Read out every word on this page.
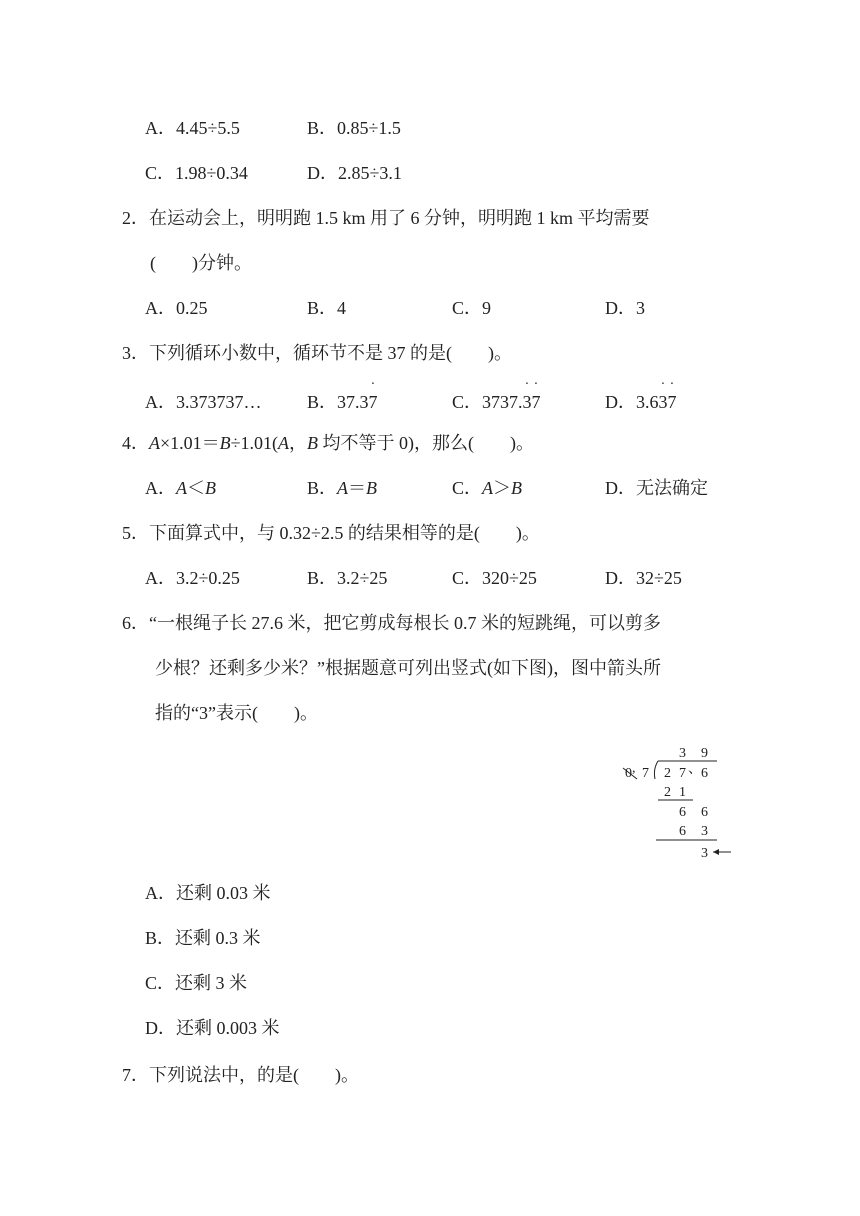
A．4.45÷5.5	B．0.85÷1.5
C．1.98÷0.34	D．2.85÷3.1
2．在运动会上，明明跑 1.5 km 用了 6 分钟，明明跑 1 km 平均需要
(　　)分钟。
A．0.25	B．4	C．9	D．3
3．下列循环小数中，循环节不是 37 的是(　　)。
A．3.373737…	B．37.3· 7	C．3737.· 3· 7	D．3.6· 3· 7
4．A×1.01＝B÷1.01(A，B 均不等于 0)，那么(　　)。
A．A＜B	B．A＝B	C．A＞B	D．无法确定
5．下面算式中，与 0.32÷2.5 的结果相等的是(　　)。
A．3.2÷0.25	B．3.2÷25	C．320÷25	D．32÷25
6．“一根绳子长 27.6 米，把它剪成每根长 0.7 米的短跳绳，可以剪多
少根？还剩多少米？”根据题意可列出竖式(如下图)，图中箭头所
指的“3”表示(　　)。
3 9
0 , 7 2 7 、 6
2 1
6 6
6 3
3
A．还剩 0.03 米
B．还剩 0.3 米
C．还剩 3 米
D．还剩 0.003 米
7．下列说法中，的是(　　)。
